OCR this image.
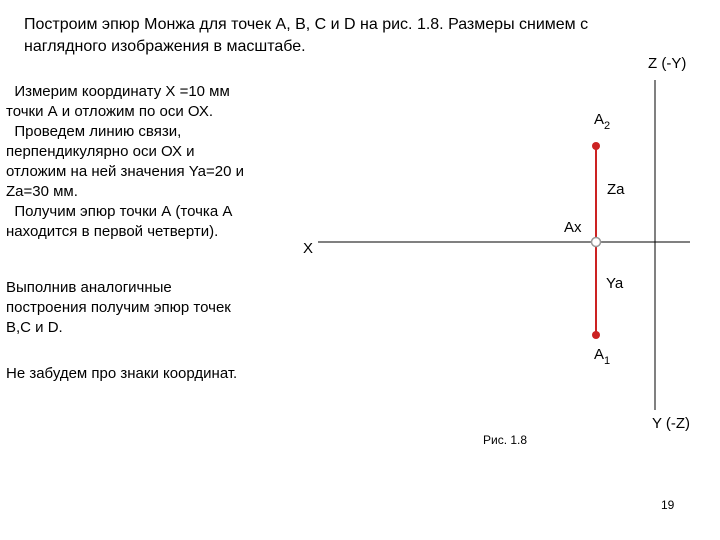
Построим эпюр Монжа для точек А, В, С и D на рис. 1.8. Размеры снимем с
наглядного изображения в масштабе.
Измерим координату Х =10 мм
точки А и отложим по оси ОХ.
Проведем линию связи,
перпендикулярно оси ОХ и
отложим на ней значения Ya=20 и
Za=30 мм.
Получим эпюр точки А (точка А
находится в первой четверти).
Выполнив аналогичные
построения получим эпюр точек
В,С и D.
Не забудем про знаки координат.
X
Z (-Y)
Y (-Z)
$A_2$
$A_1$
Ax
Za
Ya
Рис. 1.8
19
